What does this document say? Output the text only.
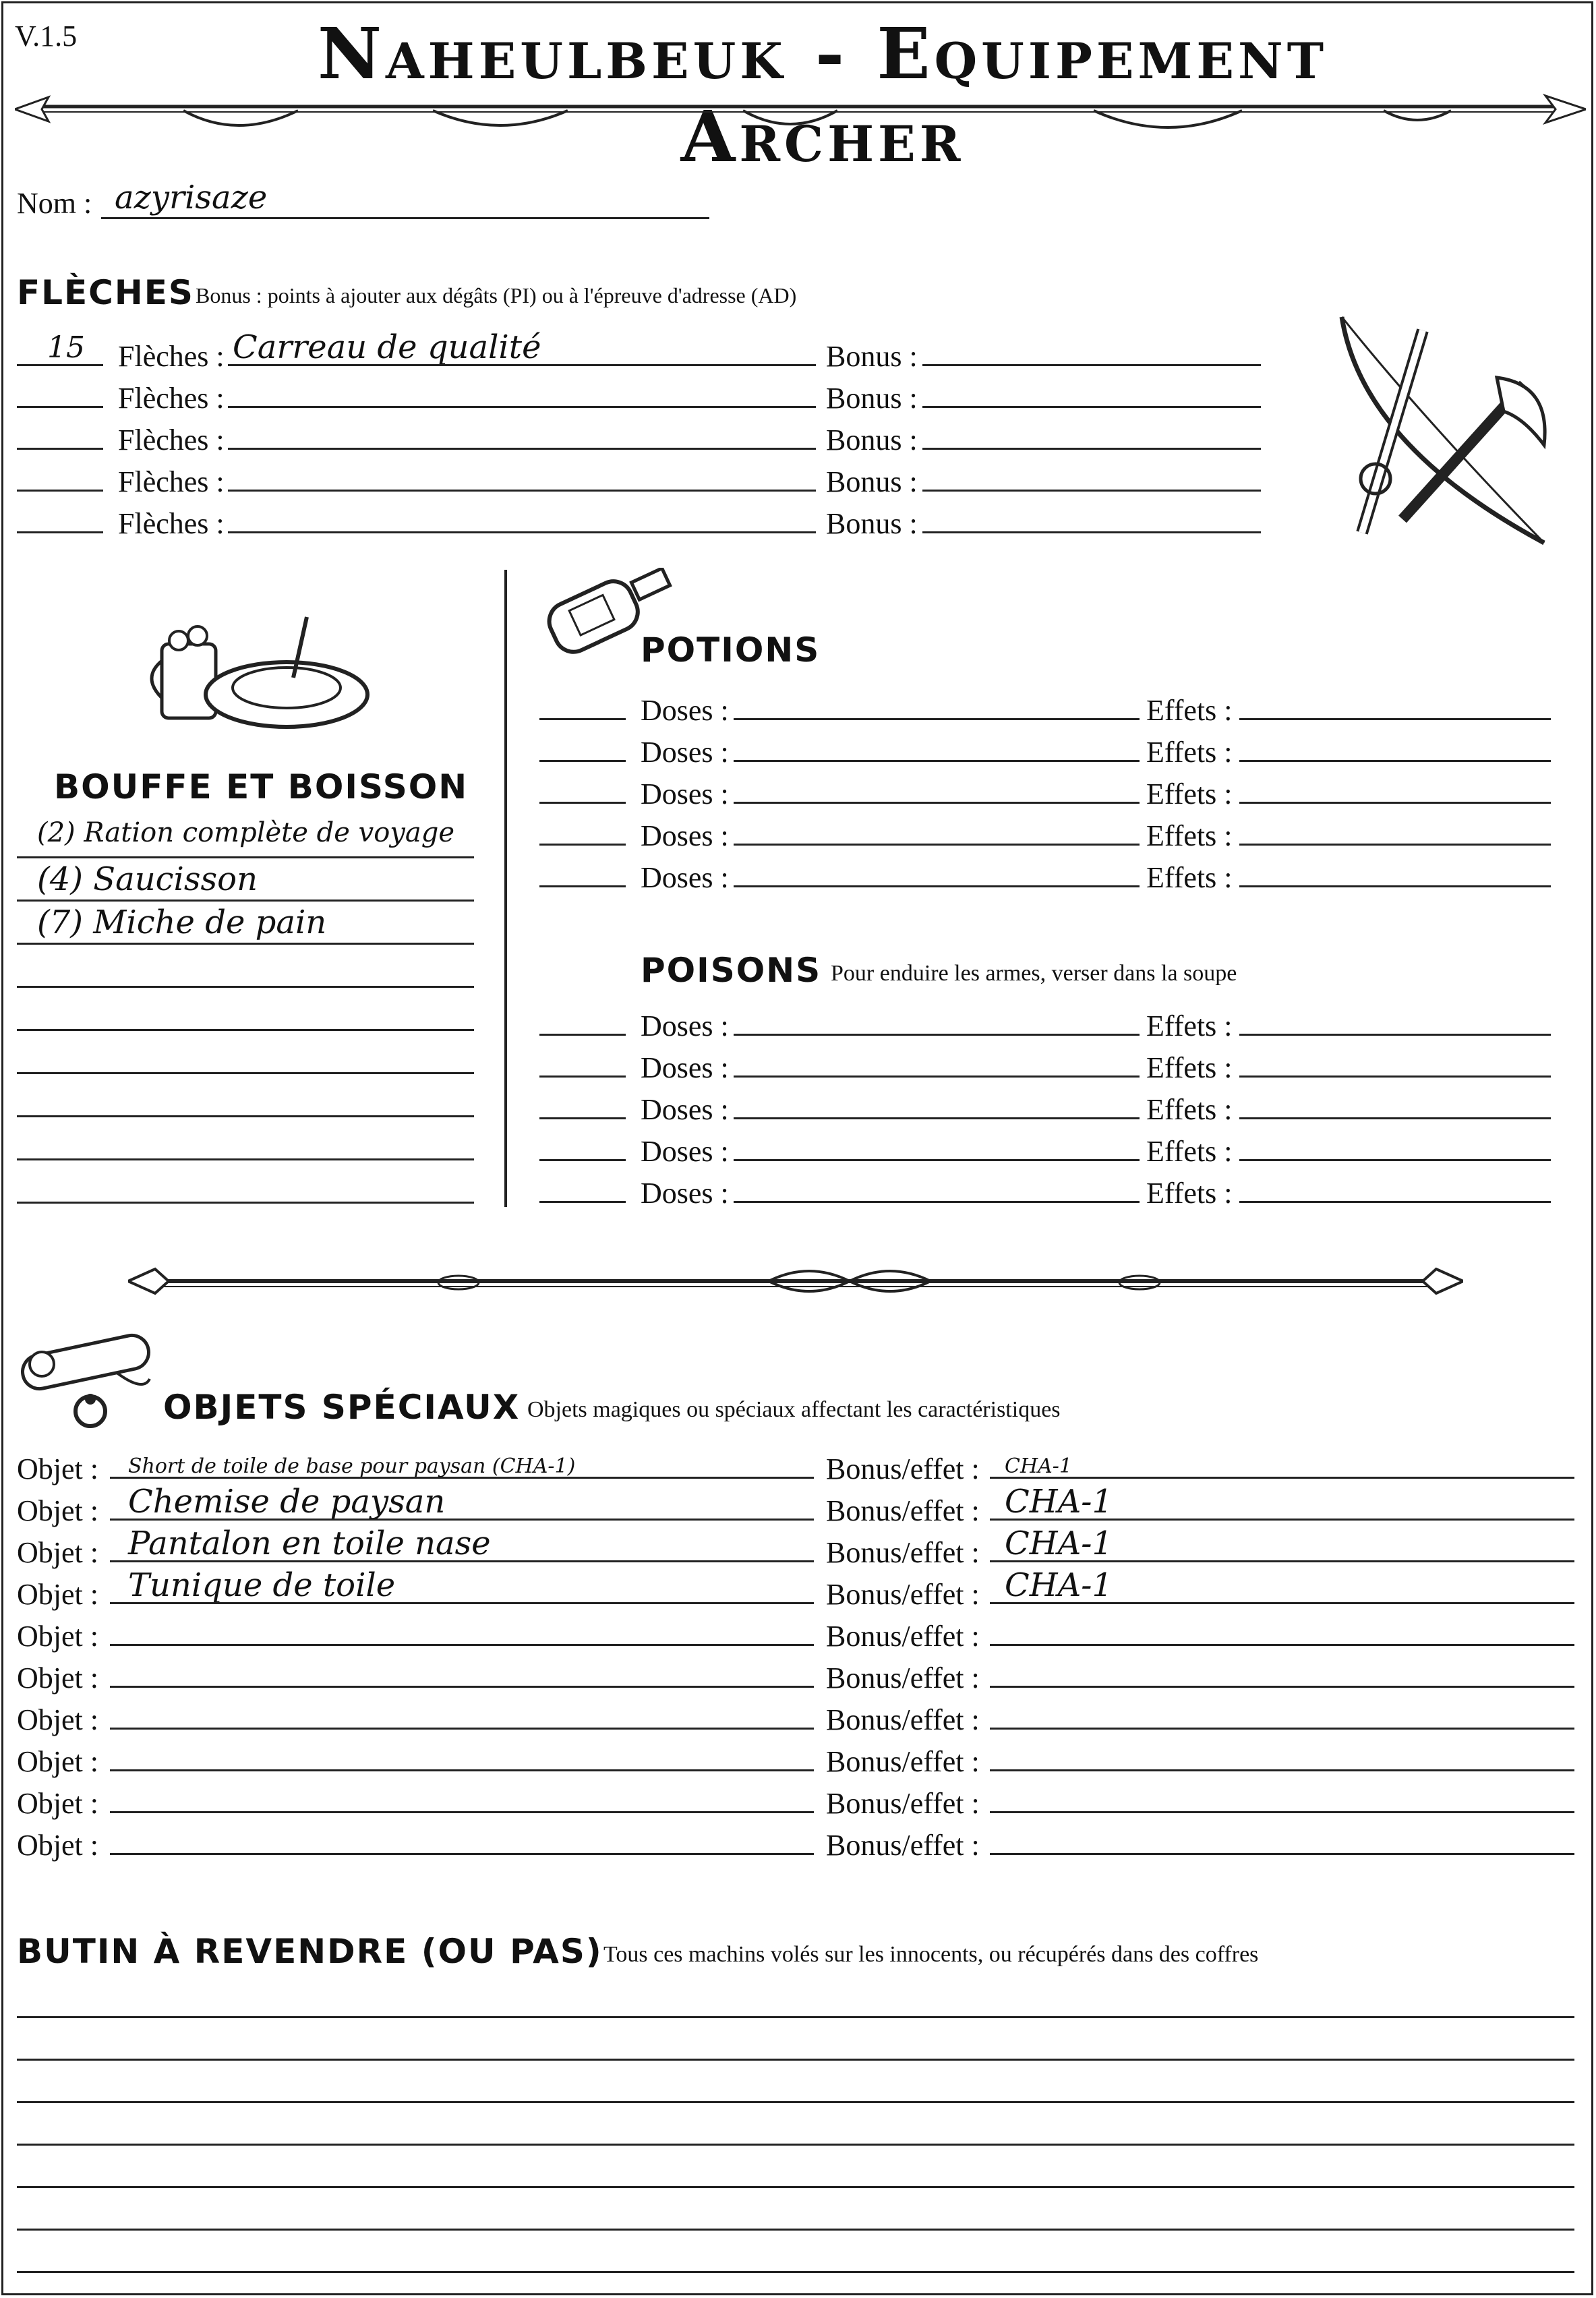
V.1.5	Naheulbeuk - Equipement Archer
Nom : azyrisaze
FLÈCHES Bonus : points à ajouter aux dégâts (PI) ou à l'épreuve d'adresse (AD)
15 Flèches : Carreau de qualité	Bonus :
Flèches :	Bonus :
Flèches :	Bonus :
Flèches :	Bonus :
Flèches :	Bonus :
BOUFFE ET BOISSON
(2) Ration complète de voyage
(4) Saucisson
(7) Miche de pain
POTIONS
Doses :	Effets :
Doses :	Effets :
Doses :	Effets :
Doses :	Effets :
Doses :	Effets :
POISONS Pour enduire les armes, verser dans la soupe
Doses :	Effets :
Doses :	Effets :
Doses :	Effets :
Doses :	Effets :
Doses :	Effets :
OBJETS SPÉCIAUX Objets magiques ou spéciaux affectant les caractéristiques
Objet : Short de toile de base pour paysan (CHA-1)	Bonus/effet : CHA-1
Objet : Chemise de paysan	Bonus/effet : CHA-1
Objet : Pantalon en toile nase	Bonus/effet : CHA-1
Objet : Tunique de toile	Bonus/effet : CHA-1
Objet :	Bonus/effet :
Objet :	Bonus/effet :
Objet :	Bonus/effet :
Objet :	Bonus/effet :
Objet :	Bonus/effet :
Objet :	Bonus/effet :
BUTIN À REVENDRE (OU PAS) Tous ces machins volés sur les innocents, ou récupérés dans des coffres
